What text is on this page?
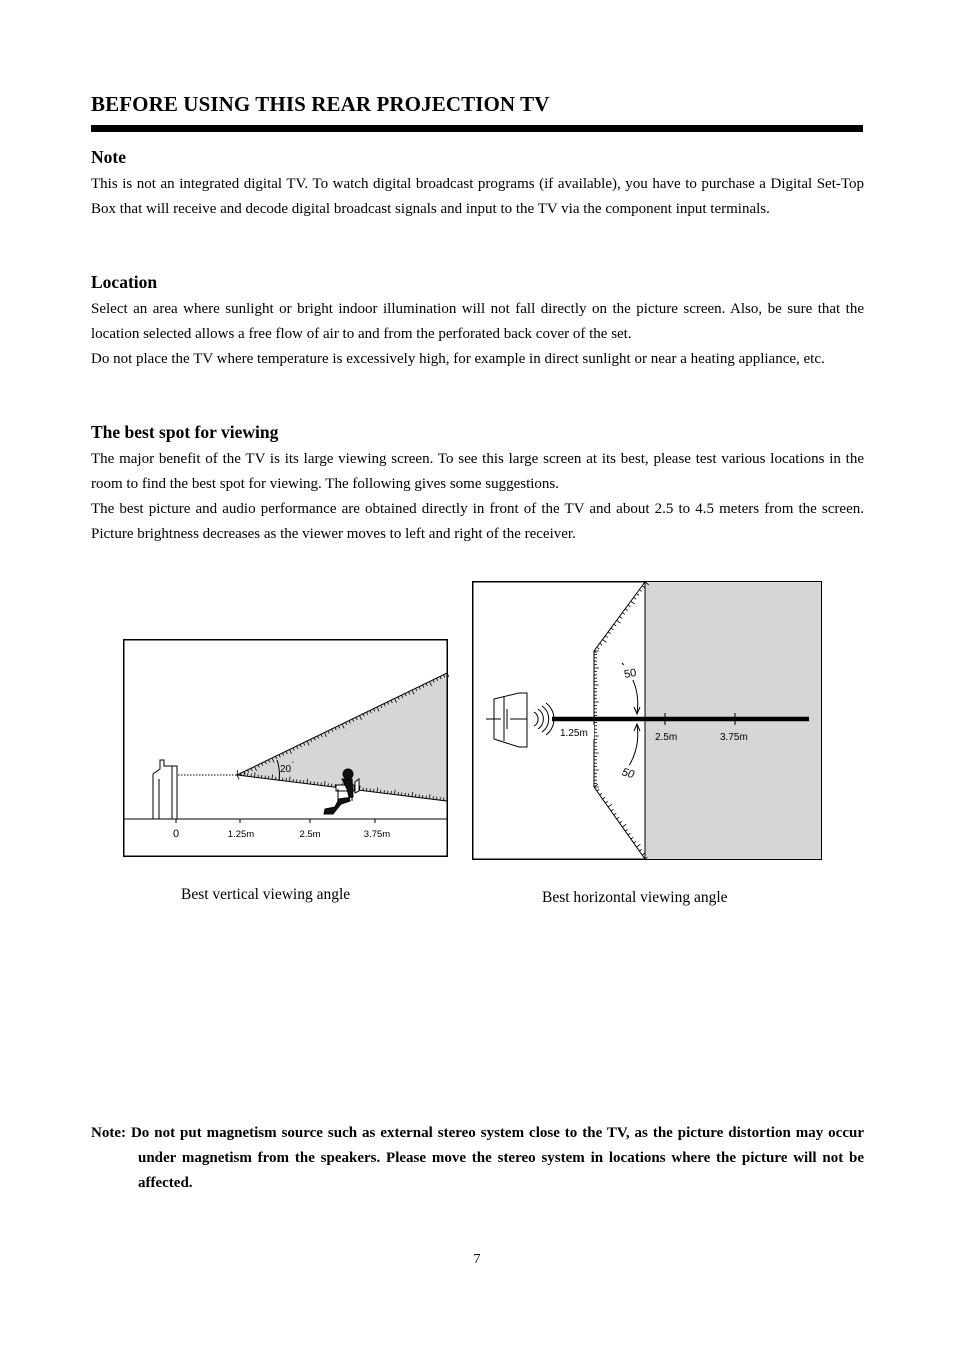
BEFORE USING THIS REAR PROJECTION TV
Note

This is not an integrated digital TV. To watch digital broadcast programs (if available), you have to purchase a Digital Set-Top Box that will receive and decode digital broadcast signals and input to the TV via the component input terminals.

Location

Select an area where sunlight or bright indoor illumination will not fall directly on the picture screen. Also, be sure that the location selected allows a free flow of air to and from the perforated back cover of the set.

Do not place the TV where temperature is excessively high, for example in direct sunlight or near a heating appliance, etc.

The best spot for viewing

The major benefit of the TV is its large viewing screen. To see this large screen at its best, please test various locations in the room to find the best spot for viewing. The following gives some suggestions.

The best picture and audio performance are obtained directly in front of the TV and about 2.5 to 4.5 meters from the screen. Picture brightness decreases as the viewer moves to left and right of the receiver.

20 °
0	1.25m	2.5m	3.75m
Best vertical viewing angle
50
50
1.25m	2.5m	3.75m
Best horizontal viewing angle

Note: Do not put magnetism source such as external stereo system close to the TV, as the picture distortion may occur under magnetism from the speakers. Please move the stereo system in locations where the picture will not be affected.

7
